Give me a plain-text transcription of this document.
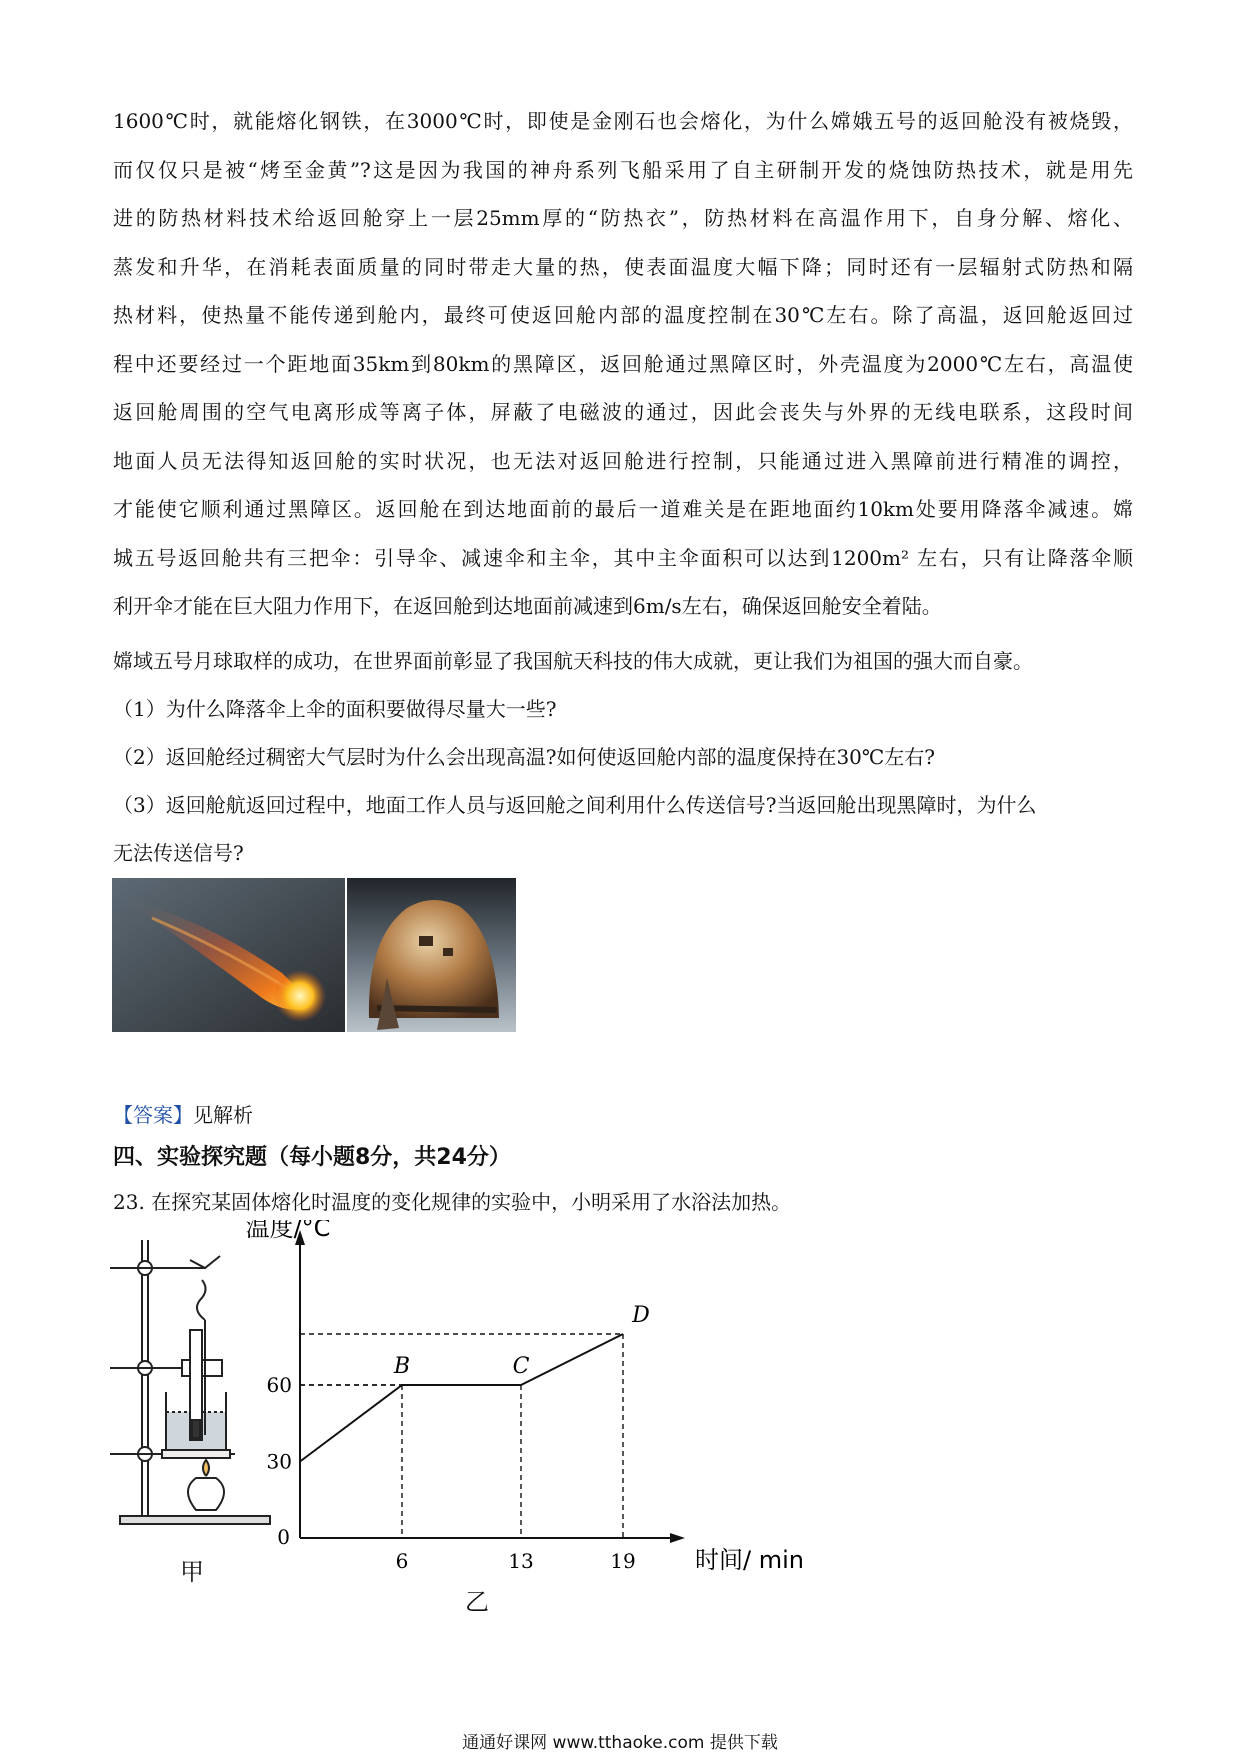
1600℃时，就能熔化钢铁，在3000℃时，即使是金刚石也会熔化，为什么嫦娥五号的返回舱没有被烧毁，
而仅仅只是被“烤至金黄”?这是因为我国的神舟系列飞船采用了自主研制开发的烧蚀防热技术，就是用先
进的防热材料技术给返回舱穿上一层25mm厚的“防热衣”，防热材料在高温作用下，自身分解、熔化、
蒸发和升华，在消耗表面质量的同时带走大量的热，使表面温度大幅下降；同时还有一层辐射式防热和隔
热材料，使热量不能传递到舱内，最终可使返回舱内部的温度控制在30℃左右。除了高温，返回舱返回过
程中还要经过一个距地面35km到80km的黑障区，返回舱通过黑障区时，外壳温度为2000℃左右，高温使
返回舱周围的空气电离形成等离子体，屏蔽了电磁波的通过，因此会丧失与外界的无线电联系，这段时间
地面人员无法得知返回舱的实时状况，也无法对返回舱进行控制，只能通过进入黑障前进行精准的调控，
才能使它顺利通过黑障区。返回舱在到达地面前的最后一道难关是在距地面约10km处要用降落伞减速。嫦
城五号返回舱共有三把伞：引导伞、减速伞和主伞，其中主伞面积可以达到1200m² 左右，只有让降落伞顺
利开伞才能在巨大阻力作用下，在返回舱到达地面前减速到6m/s左右，确保返回舱安全着陆。
嫦域五号月球取样的成功，在世界面前彰显了我国航天科技的伟大成就，更让我们为祖国的强大而自豪。
（1）为什么降落伞上伞的面积要做得尽量大一些?
（2）返回舱经过稠密大气层时为什么会出现高温?如何使返回舱内部的温度保持在30℃左右?
（3）返回舱航返回过程中，地面工作人员与返回舱之间利用什么传送信号?当返回舱出现黑障时，为什么
无法传送信号?
【答案】见解析
四、实验探究题（每小题8分，共24分）
23. 在探究某固体熔化时温度的变化规律的实验中，小明采用了水浴法加热。
甲
温度/°C
时间/ min
0
6	13	19
30
60
B	C
D
乙
通通好课网 www.tthaoke.com 提供下载
